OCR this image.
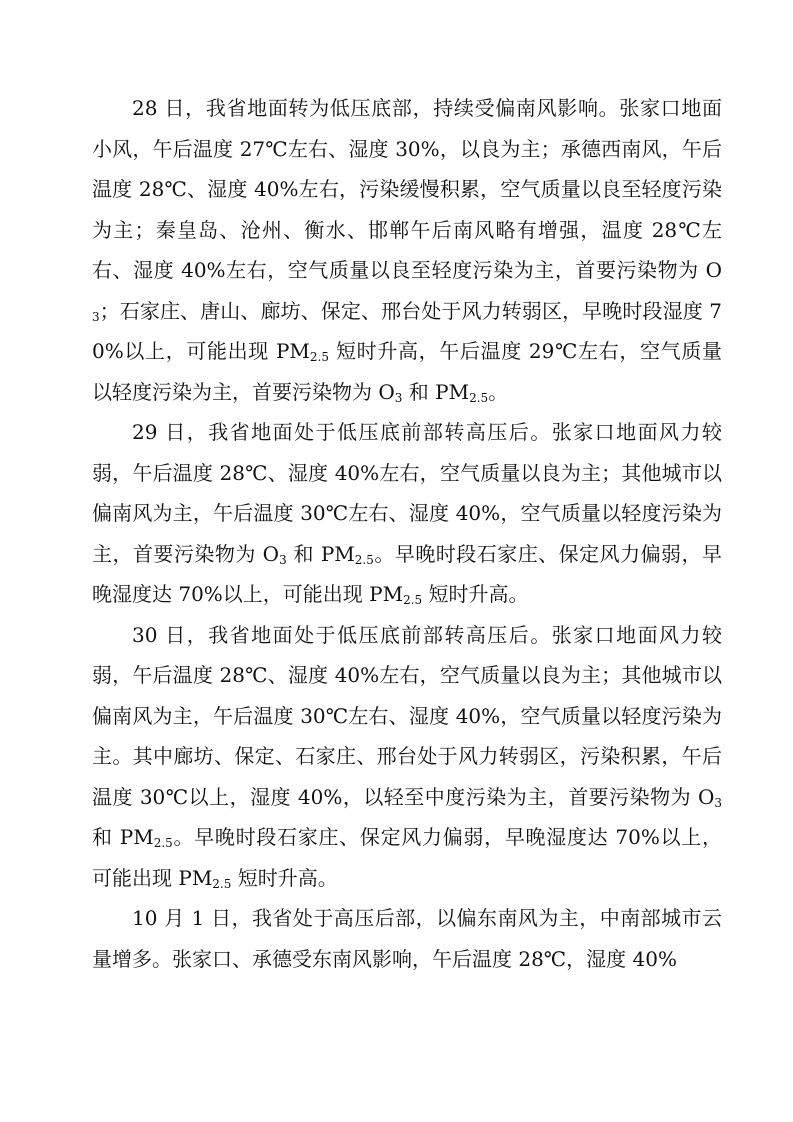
28 日，我省地面转为低压底部，持续受偏南风影响。张家口地面小风，午后温度 27℃左右、湿度 30%，以良为主；承德西南风，午后温度 28℃、湿度 40%左右，污染缓慢积累，空气质量以良至轻度污染为主；秦皇岛、沧州、衡水、邯郸午后南风略有增强，温度 28℃左右、湿度 40%左右，空气质量以良至轻度污染为主，首要污染物为 $O_3$；石家庄、唐山、廊坊、保定、邢台处于风力转弱区，早晚时段湿度 70%以上，可能出现 $PM_{2.5}$ 短时升高，午后温度 29℃左右，空气质量以轻度污染为主，首要污染物为 $O_3$ 和 $PM_{2.5}$。

29 日，我省地面处于低压底前部转高压后。张家口地面风力较弱，午后温度 28℃、湿度 40%左右，空气质量以良为主；其他城市以偏南风为主，午后温度 30℃左右、湿度 40%，空气质量以轻度污染为主，首要污染物为 $O_3$ 和 $PM_{2.5}$。早晚时段石家庄、保定风力偏弱，早晚湿度达 70%以上，可能出现 $PM_{2.5}$ 短时升高。

30 日，我省地面处于低压底前部转高压后。张家口地面风力较弱，午后温度 28℃、湿度 40%左右，空气质量以良为主；其他城市以偏南风为主，午后温度 30℃左右、湿度 40%，空气质量以轻度污染为主。其中廊坊、保定、石家庄、邢台处于风力转弱区，污染积累，午后温度 30℃以上，湿度 40%，以轻至中度污染为主，首要污染物为 $O_3$ 和 $PM_{2.5}$。早晚时段石家庄、保定风力偏弱，早晚湿度达 70%以上，可能出现 $PM_{2.5}$ 短时升高。

10 月 1 日，我省处于高压后部，以偏东南风为主，中南部城市云量增多。张家口、承德受东南风影响，午后温度 28℃，湿度 40%
